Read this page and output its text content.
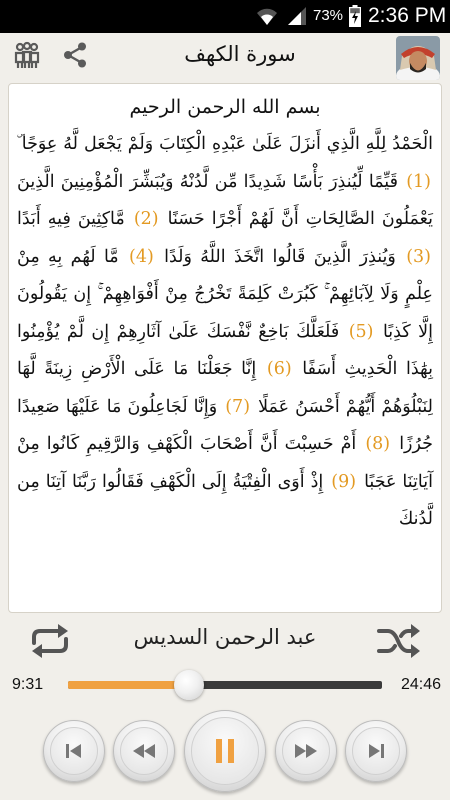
73% 2:36 PM
سورة الكهف
بسم الله الرحمن الرحيم
الْحَمْدُ لِلَّهِ الَّذِي أَنزَلَ عَلَىٰ عَبْدِهِ الْكِتَابَ وَلَمْ يَجْعَل لَّهُ عِوَجًا ۜ (1) قَيِّمًا لِّيُنذِرَ بَأْسًا شَدِيدًا مِّن لَّدُنْهُ وَيُبَشِّرَ الْمُؤْمِنِينَ الَّذِينَ يَعْمَلُونَ الصَّالِحَاتِ أَنَّ لَهُمْ أَجْرًا حَسَنًا (2) مَّاكِثِينَ فِيهِ أَبَدًا (3) وَيُنذِرَ الَّذِينَ قَالُوا اتَّخَذَ اللَّهُ وَلَدًا (4) مَّا لَهُم بِهِ مِنْ عِلْمٍ وَلَا لِآبَائِهِمْ ۚ كَبُرَتْ كَلِمَةً تَخْرُجُ مِنْ أَفْوَاهِهِمْ ۚ إِن يَقُولُونَ إِلَّا كَذِبًا (5) فَلَعَلَّكَ بَاخِعٌ نَّفْسَكَ عَلَىٰ آثَارِهِمْ إِن لَّمْ يُؤْمِنُوا بِهَٰذَا الْحَدِيثِ أَسَفًا (6) إِنَّا جَعَلْنَا مَا عَلَى الْأَرْضِ زِينَةً لَّهَا لِنَبْلُوَهُمْ أَيُّهُمْ أَحْسَنُ عَمَلًا (7) وَإِنَّا لَجَاعِلُونَ مَا عَلَيْهَا صَعِيدًا جُرُزًا (8) أَمْ حَسِبْتَ أَنَّ أَصْحَابَ الْكَهْفِ وَالرَّقِيمِ كَانُوا مِنْ آيَاتِنَا عَجَبًا (9) إِذْ أَوَى الْفِتْيَةُ إِلَى الْكَهْفِ فَقَالُوا رَبَّنَا آتِنَا مِن لَّدُنكَ
عبد الرحمن السديس
9:31	24:46
